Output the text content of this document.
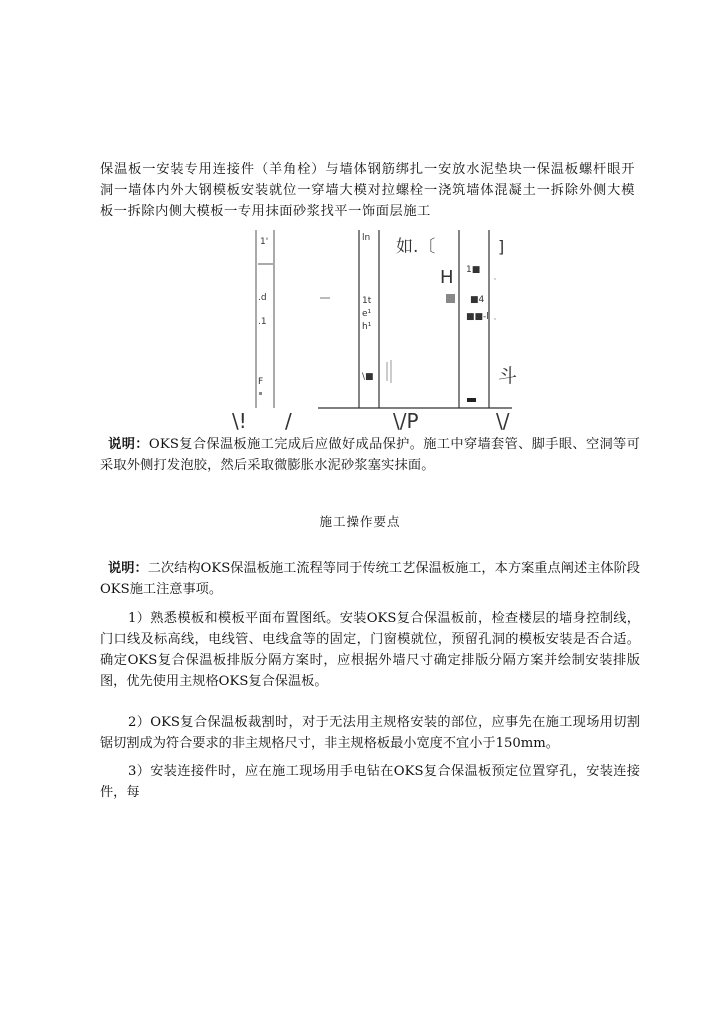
保温板一安装专用连接件（羊角栓）与墙体钢筋绑扎一安放水泥垫块一保温板螺杆眼开洞一墙体内外大钢模板安装就位一穿墙大模对拉螺栓一浇筑墙体混凝土一拆除外侧大模板一拆除内侧大模板一专用抹面砂浆找平一饰面层施工

1'
.d
.1
F
ln
1t
e¹
h¹
\■
如.〔	]
H 1■
■4
■■-l
斗
\! /	\/P	\/

说明：OKS复合保温板施工完成后应做好成品保护。施工中穿墙套管、脚手眼、空洞等可采取外侧打发泡胶，然后采取微膨胀水泥砂浆塞实抹面。

施工操作要点

说明：二次结构OKS保温板施工流程等同于传统工艺保温板施工，本方案重点阐述主体阶段OKS施工注意事项。

1）熟悉模板和模板平面布置图纸。安装OKS复合保温板前，检查楼层的墙身控制线，门口线及标高线，电线管、电线盒等的固定，门窗模就位，预留孔洞的模板安装是否合适。确定OKS复合保温板排版分隔方案时，应根据外墙尺寸确定排版分隔方案并绘制安装排版图，优先使用主规格OKS复合保温板。

2）OKS复合保温板裁割时，对于无法用主规格安装的部位，应事先在施工现场用切割锯切割成为符合要求的非主规格尺寸，非主规格板最小宽度不宜小于150mm。

3）安装连接件时，应在施工现场用手电钻在OKS复合保温板预定位置穿孔，安装连接件，每
